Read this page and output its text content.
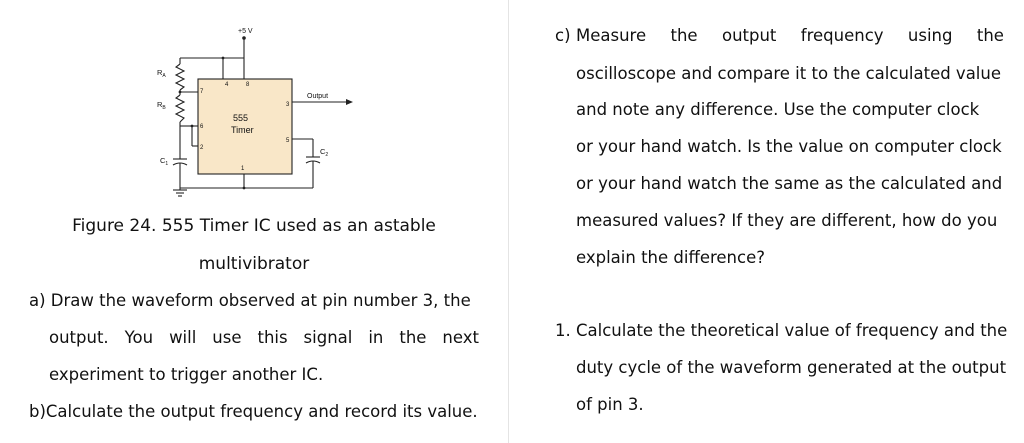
+5 V
$R_A$
$R_B$
$C_1$
$C_2$
555
Timer
Output
4	8
7
3
6
2
5
1
Figure 24. 555 Timer IC used as an astable
multivibrator
a) Draw the waveform observed at pin number 3, the
output. You will use this signal in the next
experiment to trigger another IC.
b)Calculate the output frequency and record its value.
c) Measure the output frequency using the
oscilloscope and compare it to the calculated value
and note any difference. Use the computer clock
or your hand watch. Is the value on computer clock
or your hand watch the same as the calculated and
measured values? If they are different, how do you
explain the difference?
1. Calculate the theoretical value of frequency and the
duty cycle of the waveform generated at the output
of pin 3.
